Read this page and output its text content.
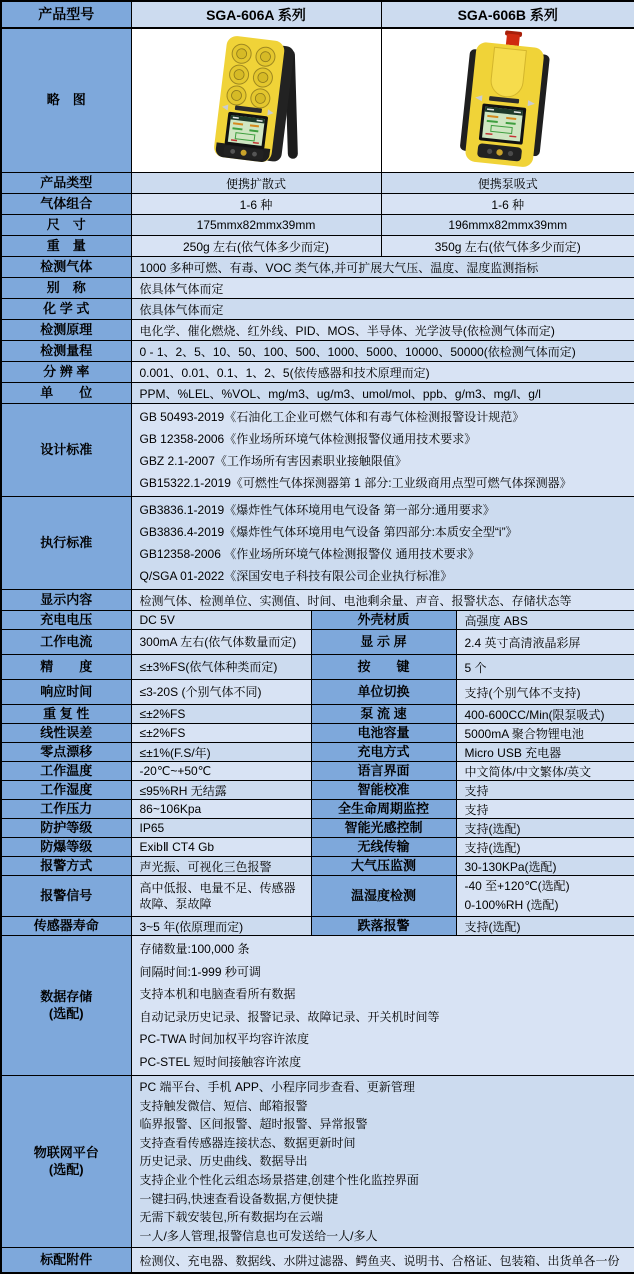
产品型号	SGA-606A 系列		SGA-606B 系列	
略　图	

产品类型	便携扩散式		便携泵吸式	
气体组合	1-6 种		1-6 种	
尺　寸	175mmx82mmx39mm		196mmx82mmx39mm	
重　量	250g 左右(依气体多少而定)		350g 左右(依气体多少而定)	
检测气体	1000 多种可燃、有毒、VOC 类气体,并可扩展大气压、温度、湿度监测指标			
别　称	依具体气体而定			
化 学 式	依具体气体而定			
检测原理	电化学、催化燃烧、红外线、PID、MOS、半导体、光学波导(依检测气体而定)			
检测量程	0 - 1、2、5、10、50、100、500、1000、5000、10000、50000(依检测气体而定)			
分 辨 率	0.001、0.01、0.1、1、2、5(依传感器和技术原理而定)			
单　　位	PPM、%LEL、%VOL、mg/m3、ug/m3、umol/mol、ppb、g/m3、mg/l、g/l			
设计标准	GB 50493-2019《石油化工企业可燃气体和有毒气体检测报警设计规范》
GB 12358-2006《作业场所环境气体检测报警仪通用技术要求》
GBZ 2.1-2007《工作场所有害因素职业接触限值》
GB15322.1-2019《可燃性气体探测器第 1 部分:工业级商用点型可燃气体探测器》			

执行标准	GB3836.1-2019《爆炸性气体环境用电气设备 第一部分:通用要求》
GB3836.4-2019《爆炸性气体环境用电气设备 第四部分:本质安全型“i”》
GB12358-2006 《作业场所环境气体检测报警仪 通用技术要求》
Q/SGA 01-2022《深国安电子科技有限公司企业执行标准》			

显示内容	检测气体、检测单位、实测值、时间、电池剩余量、声音、报警状态、存储状态等			
充电电压	DC 5V	外壳材质		高强度 ABS
工作电流	300mA 左右(依气体数量而定)	显 示 屏		2.4 英寸高清液晶彩屏
精　　度	≤±3%FS(依气体种类而定)	按　　键		5 个
响应时间	≤3-20S (个别气体不同)	单位切换		支持(个别气体不支持)
重 复 性	≤±2%FS	泵 流 速		400-600CC/Min(限泵吸式)
线性误差	≤±2%FS	电池容量		5000mA 聚合物锂电池
零点漂移	≤±1%(F.S/年)	充电方式		Micro USB 充电器
工作温度	-20℃~+50℃	语言界面		中文简体/中文繁体/英文
工作湿度	≤95%RH 无结露	智能校准		支持
工作压力	86~106Kpa	全生命周期监控		支持
防护等级	IP65	智能光感控制		支持(选配)
防爆等级	ExibⅡ CT4 Gb	无线传输		支持(选配)
报警方式	声光振、可视化三色报警	大气压监测		30-130KPa(选配)
报警信号	高中低报、电量不足、传感器故障、泵故障	温湿度检测		-40 至+120℃(选配)
0-100%RH (选配)

传感器寿命	3~5 年(依原理而定)	跌落报警		支持(选配)

数据存储
(选配)

存储数量:100,000 条
间隔时间:1-999 秒可调
支持本机和电脑查看所有数据
自动记录历史记录、报警记录、故障记录、开关机时间等
PC-TWA 时间加权平均容许浓度
PC-STEL 短时间接触容许浓度

物联网平台
(选配)

PC 端平台、手机 APP、小程序同步查看、更新管理
支持触发微信、短信、邮箱报警
临界报警、区间报警、超时报警、异常报警
支持查看传感器连接状态、数据更新时间
历史记录、历史曲线、数据导出
支持企业个性化云组态场景搭建,创建个性化监控界面
一键扫码,快速查看设备数据,方便快捷
无需下载安装包,所有数据均在云端
一人/多人管理,报警信息也可发送给一人/多人

标配附件	检测仪、充电器、数据线、水阱过滤器、鳄鱼夹、说明书、合格证、包装箱、出货单各一份			
